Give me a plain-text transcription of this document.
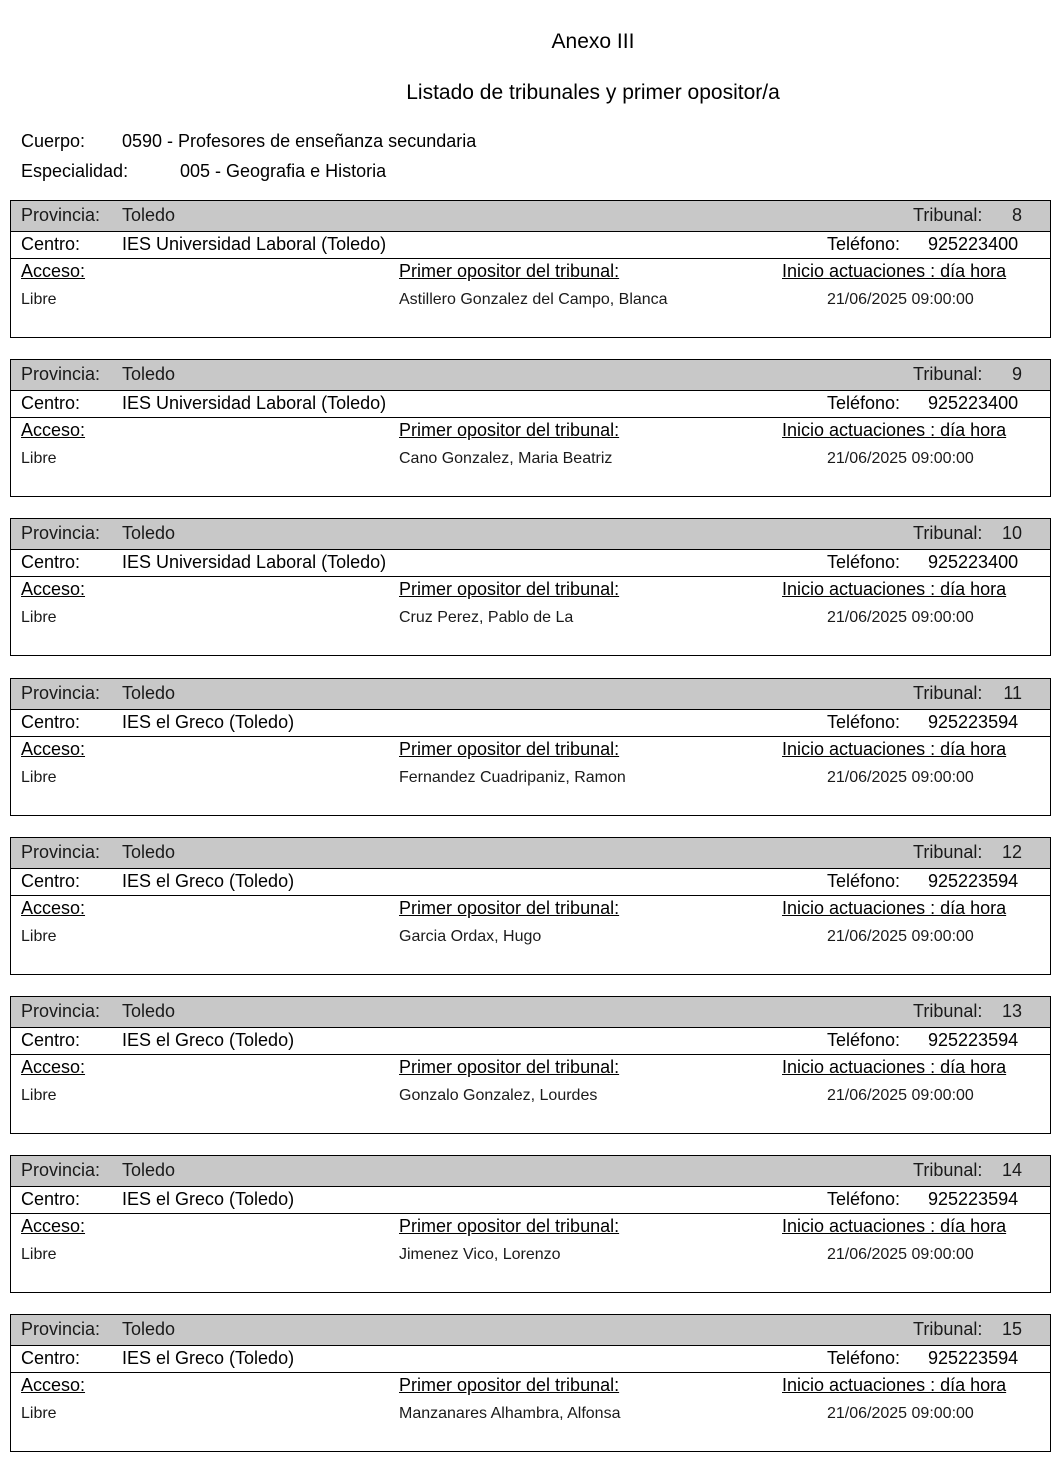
Anexo III
Listado de tribunales y primer opositor/a
Cuerpo: 0590 - Profesores de enseñanza secundaria
Especialidad:	005 - Geografia e Historia
Provincia: Toledo	Tribunal: 8
Centro: IES Universidad Laboral (Toledo)	Teléfono: 925223400
Acceso:	Primer opositor del tribunal:	Inicio actuaciones : día hora
Libre	Astillero Gonzalez del Campo, Blanca	21/06/2025 09:00:00
Provincia: Toledo	Tribunal: 9
Centro: IES Universidad Laboral (Toledo)	Teléfono: 925223400
Acceso:	Primer opositor del tribunal:	Inicio actuaciones : día hora
Libre	Cano Gonzalez, Maria Beatriz	21/06/2025 09:00:00
Provincia: Toledo	Tribunal: 10
Centro: IES Universidad Laboral (Toledo)	Teléfono: 925223400
Acceso:	Primer opositor del tribunal:	Inicio actuaciones : día hora
Libre	Cruz Perez, Pablo de La	21/06/2025 09:00:00
Provincia: Toledo	Tribunal: 11
Centro: IES el Greco (Toledo)	Teléfono: 925223594
Acceso:	Primer opositor del tribunal:	Inicio actuaciones : día hora
Libre	Fernandez Cuadripaniz, Ramon	21/06/2025 09:00:00
Provincia: Toledo	Tribunal: 12
Centro: IES el Greco (Toledo)	Teléfono: 925223594
Acceso:	Primer opositor del tribunal:	Inicio actuaciones : día hora
Libre	Garcia Ordax, Hugo	21/06/2025 09:00:00
Provincia: Toledo	Tribunal: 13
Centro: IES el Greco (Toledo)	Teléfono: 925223594
Acceso:	Primer opositor del tribunal:	Inicio actuaciones : día hora
Libre	Gonzalo Gonzalez, Lourdes	21/06/2025 09:00:00
Provincia: Toledo	Tribunal: 14
Centro: IES el Greco (Toledo)	Teléfono: 925223594
Acceso:	Primer opositor del tribunal:	Inicio actuaciones : día hora
Libre	Jimenez Vico, Lorenzo	21/06/2025 09:00:00
Provincia: Toledo	Tribunal: 15
Centro: IES el Greco (Toledo)	Teléfono: 925223594
Acceso:	Primer opositor del tribunal:	Inicio actuaciones : día hora
Libre	Manzanares Alhambra, Alfonsa	21/06/2025 09:00:00
